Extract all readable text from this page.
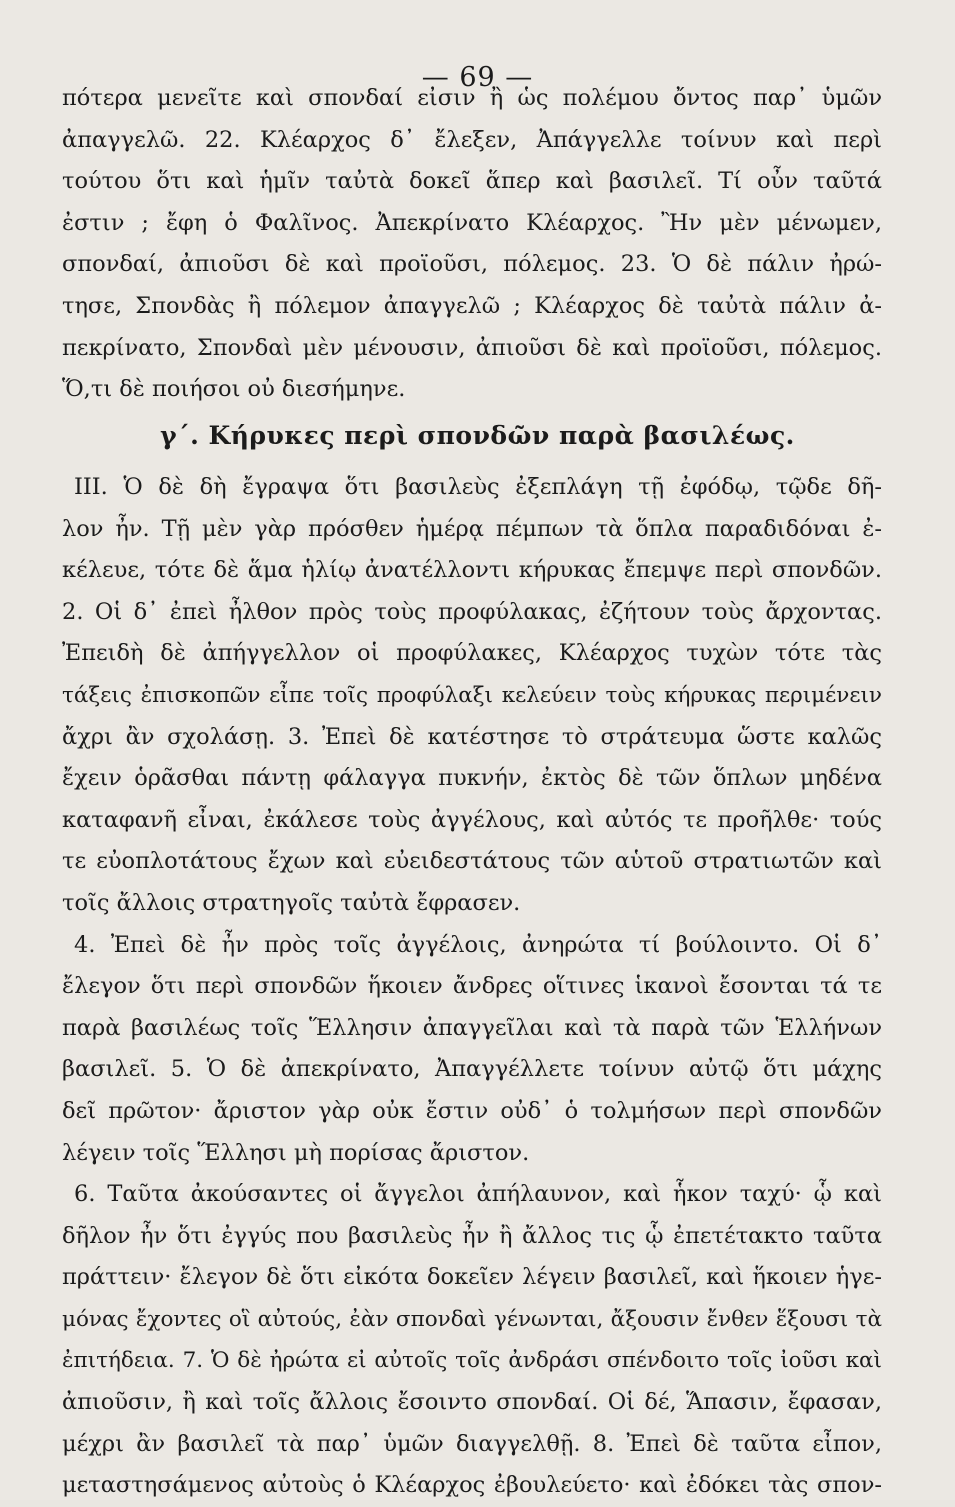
— 69 —
πότερα μενεῖτε καὶ σπονδαί εἰσιν ἢ ὡς πολέμου ὄντος παρ᾽ ὑμῶν
ἀπαγγελῶ. 22. Κλέαρχος δ᾽ ἔλεξεν, Ἀπάγγελλε τοίνυν καὶ περὶ
τούτου ὅτι καὶ ἡμῖν ταὐτὰ δοκεῖ ἅπερ καὶ βασιλεῖ. Τί οὖν ταῦτά
ἐστιν ; ἔφη ὁ Φαλῖνος. Ἀπεκρίνατο Κλέαρχος. Ἢν μὲν μένωμεν,
σπονδαί, ἀπιοῦσι δὲ καὶ προϊοῦσι, πόλεμος. 23. Ὁ δὲ πάλιν ἠρώ-
τησε, Σπονδὰς ἢ πόλεμον ἀπαγγελῶ ; Κλέαρχος δὲ ταὐτὰ πάλιν ἀ-
πεκρίνατο, Σπονδαὶ μὲν μένουσιν, ἀπιοῦσι δὲ καὶ προϊοῦσι, πόλεμος.
Ὅ,τι δὲ ποιήσοι οὐ διεσήμηνε.
γ΄. Κήρυκες περὶ σπονδῶν παρὰ βασιλέως.
III. Ὁ δὲ δὴ ἔγραψα ὅτι βασιλεὺς ἐξεπλάγη τῇ ἐφόδῳ, τῷδε δῆ-
λον ἦν. Τῇ μὲν γὰρ πρόσθεν ἡμέρᾳ πέμπων τὰ ὅπλα παραδιδόναι ἐ-
κέλευε, τότε δὲ ἅμα ἡλίῳ ἀνατέλλοντι κήρυκας ἔπεμψε περὶ σπονδῶν.
2. Οἱ δ᾽ ἐπεὶ ἦλθον πρὸς τοὺς προφύλακας, ἐζήτουν τοὺς ἄρχοντας.
Ἐπειδὴ δὲ ἀπήγγελλον οἱ προφύλακες, Κλέαρχος τυχὼν τότε τὰς
τάξεις ἐπισκοπῶν εἶπε τοῖς προφύλαξι κελεύειν τοὺς κήρυκας περιμένειν
ἄχρι ἂν σχολάσῃ. 3. Ἐπεὶ δὲ κατέστησε τὸ στράτευμα ὥστε καλῶς
ἔχειν ὁρᾶσθαι πάντῃ φάλαγγα πυκνήν, ἐκτὸς δὲ τῶν ὅπλων μηδένα
καταφανῆ εἶναι, ἐκάλεσε τοὺς ἀγγέλους, καὶ αὐτός τε προῆλθε· τούς
τε εὐοπλοτάτους ἔχων καὶ εὐειδεστάτους τῶν αὑτοῦ στρατιωτῶν καὶ
τοῖς ἄλλοις στρατηγοῖς ταὐτὰ ἔφρασεν.
4. Ἐπεὶ δὲ ἦν πρὸς τοῖς ἀγγέλοις, ἀνηρώτα τί βούλοιντο. Οἱ δ᾽
ἔλεγον ὅτι περὶ σπονδῶν ἥκοιεν ἄνδρες οἵτινες ἱκανοὶ ἔσονται τά τε
παρὰ βασιλέως τοῖς Ἕλλησιν ἀπαγγεῖλαι καὶ τὰ παρὰ τῶν Ἑλλήνων
βασιλεῖ. 5. Ὁ δὲ ἀπεκρίνατο, Ἀπαγγέλλετε τοίνυν αὐτῷ ὅτι μάχης
δεῖ πρῶτον· ἄριστον γὰρ οὐκ ἔστιν οὐδ᾽ ὁ τολμήσων περὶ σπονδῶν
λέγειν τοῖς Ἕλλησι μὴ πορίσας ἄριστον.
6. Ταῦτα ἀκούσαντες οἱ ἄγγελοι ἀπήλαυνον, καὶ ἧκον ταχύ· ᾧ καὶ
δῆλον ἦν ὅτι ἐγγύς που βασιλεὺς ἦν ἢ ἄλλος τις ᾧ ἐπετέτακτο ταῦτα
πράττειν· ἔλεγον δὲ ὅτι εἰκότα δοκεῖεν λέγειν βασιλεῖ, καὶ ἥκοιεν ἡγε-
μόνας ἔχοντες οἳ αὐτούς, ἐὰν σπονδαὶ γένωνται, ἄξουσιν ἔνθεν ἕξουσι τὰ
ἐπιτήδεια. 7. Ὁ δὲ ἠρώτα εἰ αὐτοῖς τοῖς ἀνδράσι σπένδοιτο τοῖς ἰοῦσι καὶ
ἀπιοῦσιν, ἢ καὶ τοῖς ἄλλοις ἔσοιντο σπονδαί. Οἱ δέ, Ἅπασιν, ἔφασαν,
μέχρι ἂν βασιλεῖ τὰ παρ᾽ ὑμῶν διαγγελθῇ. 8. Ἐπεὶ δὲ ταῦτα εἶπον,
μεταστησάμενος αὐτοὺς ὁ Κλέαρχος ἐβουλεύετο· καὶ ἐδόκει τὰς σπον-
